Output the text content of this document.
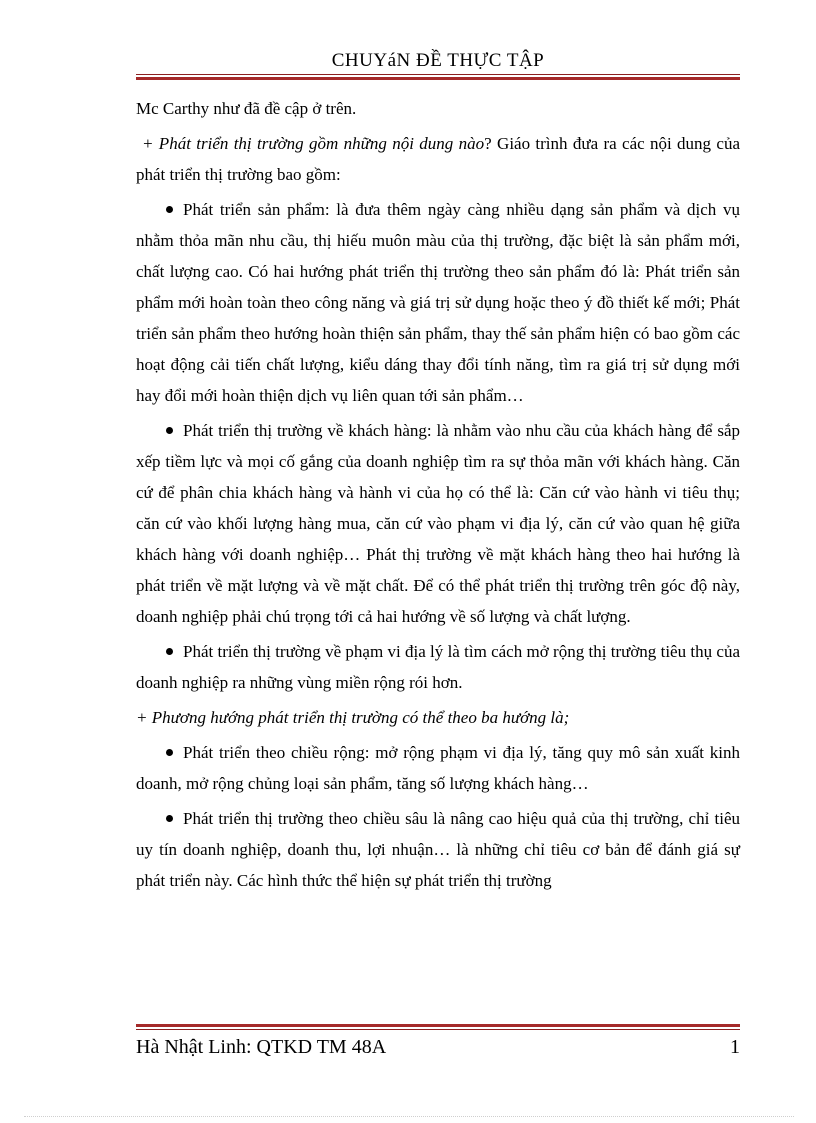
CHUYáN ĐỀ THỰC TẬP

Mc Carthy như đã đề cập ở trên.

+ Phát triển thị trường gồm những nội dung nào? Giáo trình đưa ra các nội dung của phát triển thị trường bao gồm:

Phát triển sản phẩm: là đưa thêm ngày càng nhiều dạng sản phẩm và dịch vụ nhằm thỏa mãn nhu cầu, thị hiếu muôn màu của thị trường, đặc biệt là sản phẩm mới, chất lượng cao. Có hai hướng phát triển thị trường theo sản phẩm đó là: Phát triển sản phẩm mới hoàn toàn theo công năng và giá trị sử dụng hoặc theo ý đồ thiết kế mới; Phát triển sản phẩm theo hướng hoàn thiện sản phẩm, thay thế sản phẩm hiện có bao gồm các hoạt động cải tiến chất lượng, kiểu dáng thay đổi tính năng, tìm ra giá trị sử dụng mới hay đổi mới hoàn thiện dịch vụ liên quan tới sản phẩm…

Phát triển thị trường về khách hàng: là nhằm vào nhu cầu của khách hàng để sắp xếp tiềm lực và mọi cố gắng của doanh nghiệp tìm ra sự thỏa mãn với khách hàng. Căn cứ để phân chia khách hàng và hành vi của họ có thể là: Căn cứ vào hành vi tiêu thụ; căn cứ vào khối lượng hàng mua, căn cứ vào phạm vi địa lý, căn cứ vào quan hệ giữa khách hàng với doanh nghiệp… Phát thị trường về mặt khách hàng theo hai hướng là phát triển về mặt lượng và về mặt chất. Để có thể phát triển thị trường trên góc độ này, doanh nghiệp phải chú trọng tới cả hai hướng về số lượng và chất lượng.

Phát triển thị trường về phạm vi địa lý là tìm cách mở rộng thị trường tiêu thụ của doanh nghiệp ra những vùng miền rộng rói hơn.

+ Phương hướng phát triển thị trường có thể theo ba hướng là;

Phát triển theo chiều rộng: mở rộng phạm vi địa lý, tăng quy mô sản xuất kinh doanh, mở rộng chủng loại sản phẩm, tăng số lượng khách hàng…

Phát triển thị trường theo chiều sâu là nâng cao hiệu quả của thị trường, chỉ tiêu uy tín doanh nghiệp, doanh thu, lợi nhuận… là những chỉ tiêu cơ bản để đánh giá sự phát triển này. Các hình thức thể hiện sự phát triển thị trường

Hà Nhật Linh: QTKD TM 48A	1
